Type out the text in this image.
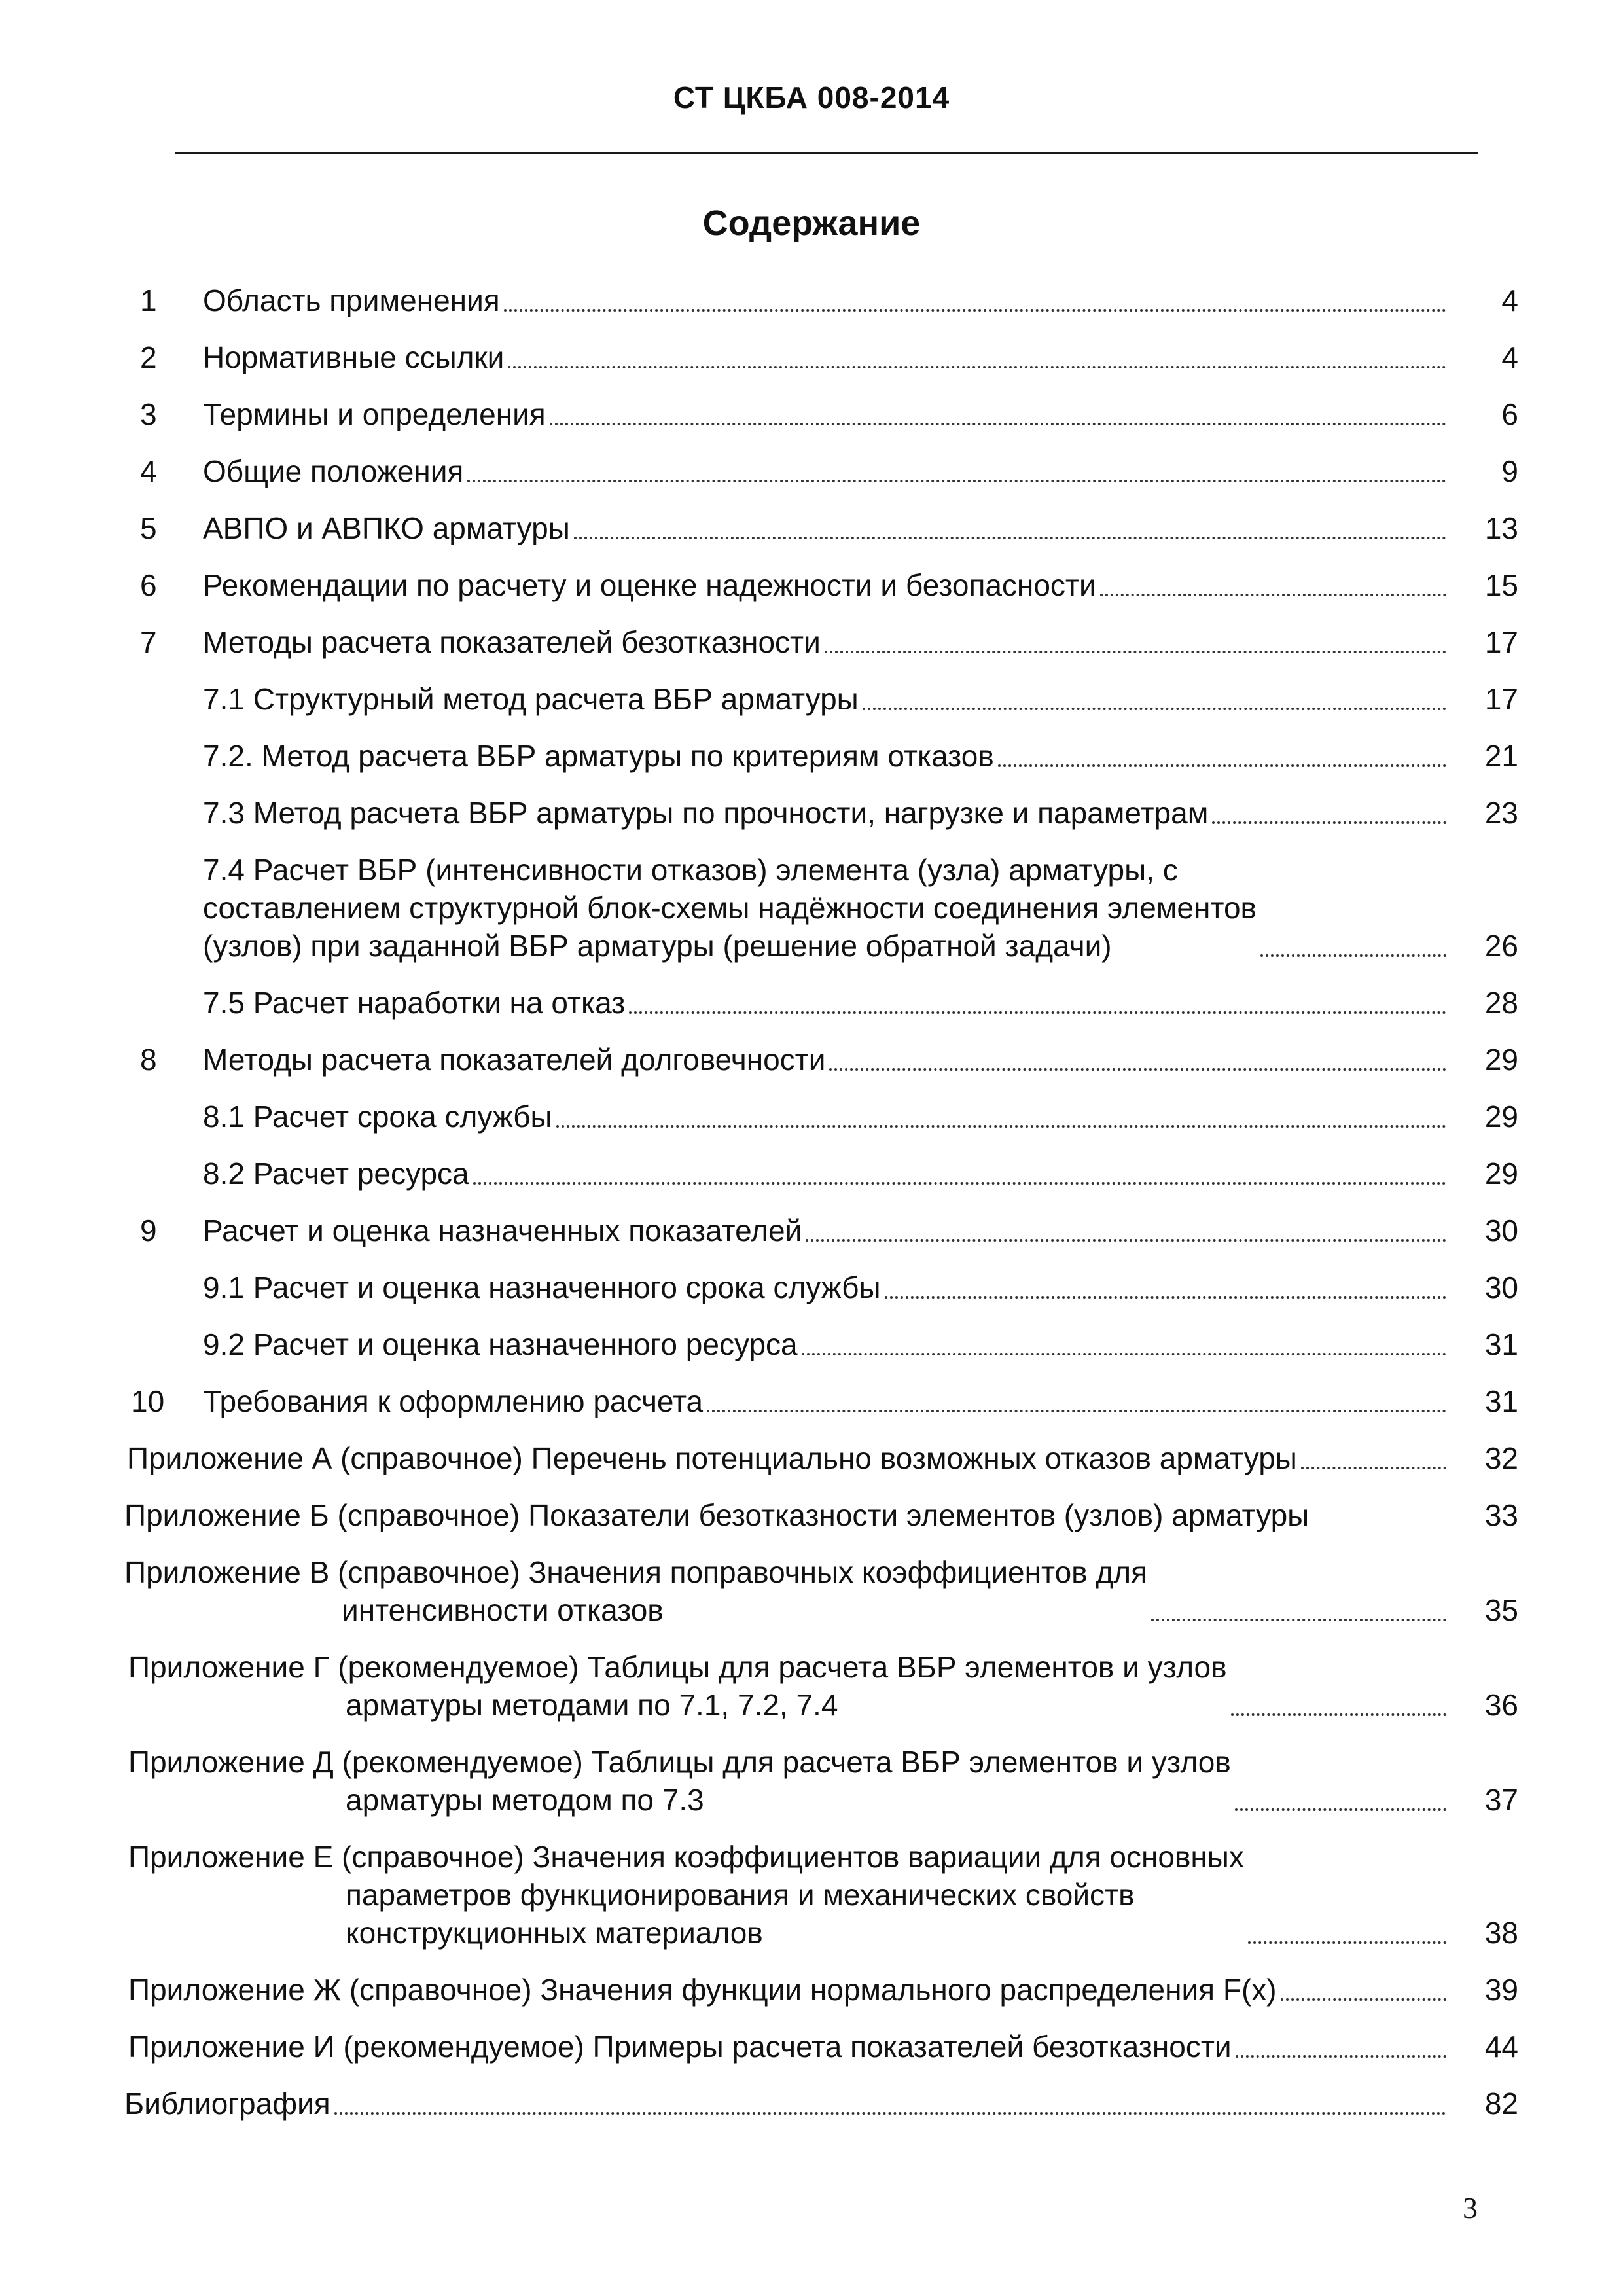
СТ ЦКБА 008-2014
Содержание
1	Область применения	4
2	Нормативные ссылки	4
3	Термины и определения	6
4	Общие положения	9
5	АВПО и АВПКО арматуры	13
6	Рекомендации по расчету и оценке надежности и безопасности	15
7	Методы расчета показателей безотказности	17
7.1 Структурный метод расчета ВБР арматуры	17
7.2. Метод расчета ВБР арматуры по критериям отказов	21
7.3 Метод расчета ВБР арматуры по прочности, нагрузке и параметрам	23
7.4 Расчет ВБР (интенсивности отказов) элемента (узла) арматуры, с
составлением структурной блок-схемы надёжности соединения элементов
(узлов) при заданной ВБР арматуры (решение обратной задачи)	26
7.5 Расчет наработки на отказ	28
8	Методы расчета показателей долговечности	29
8.1 Расчет срока службы	29
8.2 Расчет ресурса	29
9	Расчет и оценка назначенных показателей	30
9.1 Расчет и оценка назначенного срока службы	30
9.2 Расчет и оценка назначенного ресурса	31
10	Требования к оформлению расчета	31
Приложение А (справочное) Перечень потенциально возможных отказов арматуры	32
Приложение Б (справочное) Показатели безотказности элементов (узлов) арматуры	33
Приложение В (справочное) Значения поправочных коэффициентов для
интенсивности отказов	35
Приложение Г (рекомендуемое) Таблицы для расчета ВБР элементов и узлов
арматуры методами по 7.1, 7.2, 7.4	36
Приложение Д (рекомендуемое) Таблицы для расчета ВБР элементов и узлов
арматуры методом по 7.3	37
Приложение Е (справочное) Значения коэффициентов вариации для основных
параметров функционирования и механических свойств
конструкционных материалов	38
Приложение Ж (справочное) Значения функции нормального распределения F(x)	39
Приложение И (рекомендуемое) Примеры расчета показателей безотказности	44
Библиография	82
3
